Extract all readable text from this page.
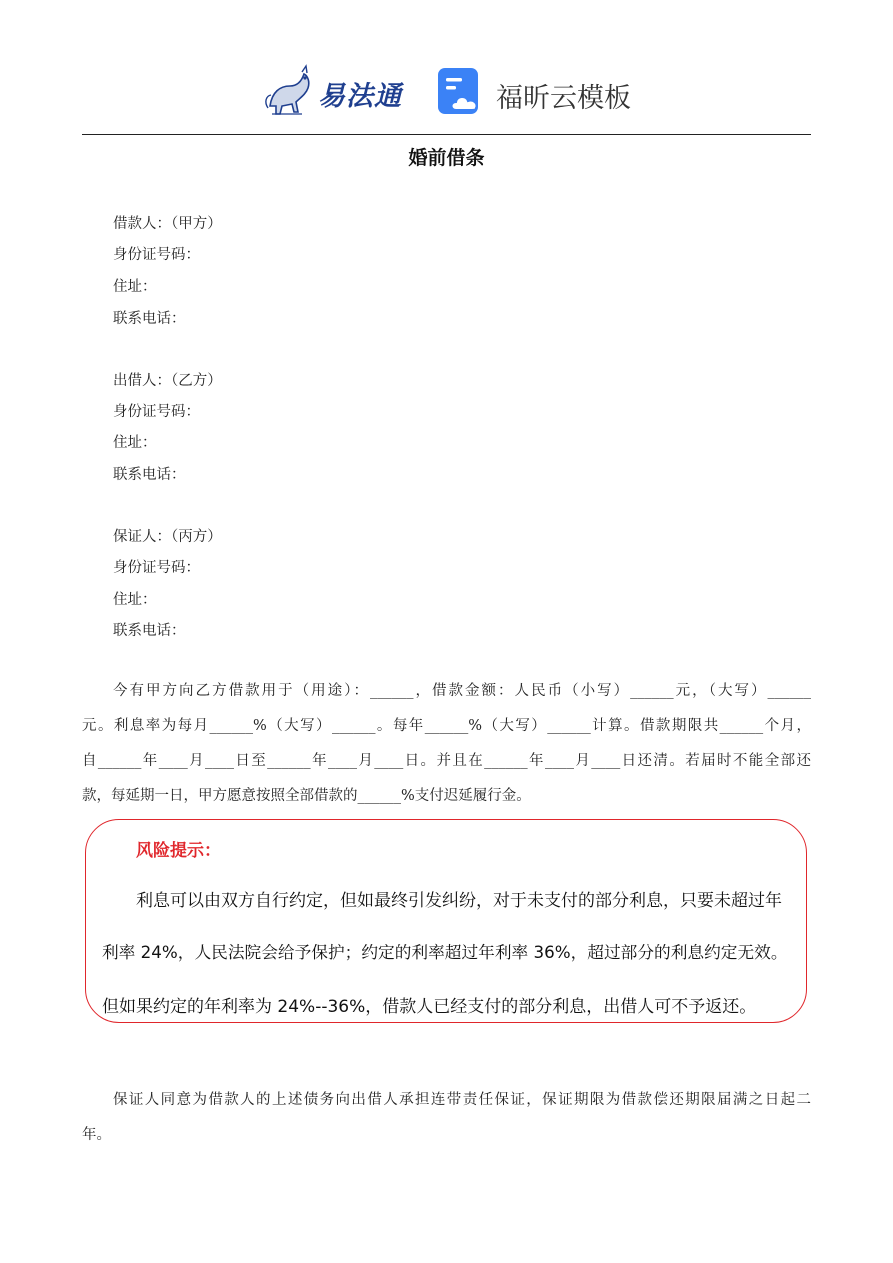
易法通	福昕云模板
婚前借条
借款人：（甲方）
身份证号码：
住址：
联系电话：
出借人：（乙方）
身份证号码：
住址：
联系电话：
保证人：（丙方）
身份证号码：
住址：
联系电话：
今有甲方向乙方借款用于（用途）：______，借款金额：人民币（小写）______元，（大写）______
元。利息率为每月______%（大写）______。每年______%（大写）______计算。借款期限共______个月，
自______年____月____日至______年____月____日。并且在______年____月____日还清。若届时不能全部还
款，每延期一日，甲方愿意按照全部借款的______%支付迟延履行金。
风险提示：
利息可以由双方自行约定，但如最终引发纠纷，对于未支付的部分利息，只要未超过年
利率 24%，人民法院会给予保护；约定的利率超过年利率 36%，超过部分的利息约定无效。
但如果约定的年利率为 24%--36%，借款人已经支付的部分利息，出借人可不予返还。
保证人同意为借款人的上述债务向出借人承担连带责任保证，保证期限为借款偿还期限届满之日起二
年。
